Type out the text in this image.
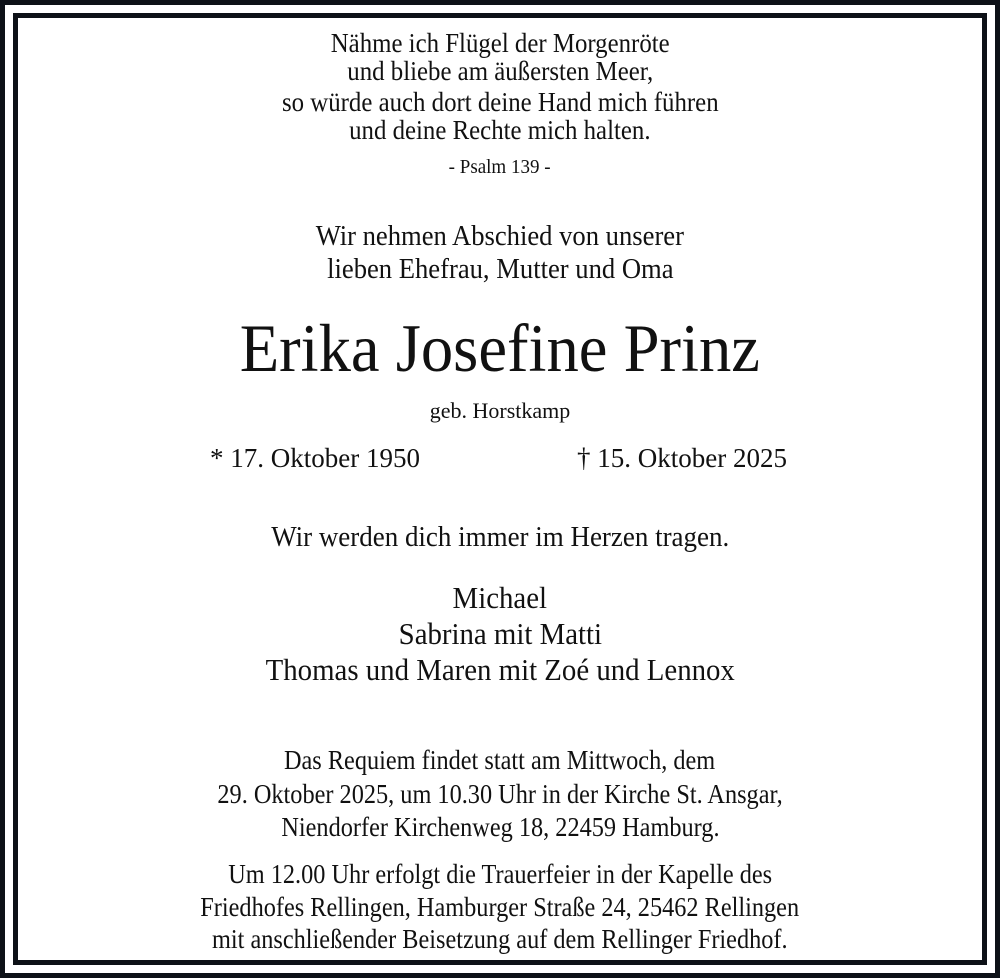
Nähme ich Flügel der Morgenröte
und bliebe am äußersten Meer,
so würde auch dort deine Hand mich führen
und deine Rechte mich halten.
- Psalm 139 -
Wir nehmen Abschied von unserer
lieben Ehefrau, Mutter und Oma
Erika Josefine Prinz
geb. Horstkamp
* 17. Oktober 1950	† 15. Oktober 2025
Wir werden dich immer im Herzen tragen.
Michael
Sabrina mit Matti
Thomas und Maren mit Zoé und Lennox
Das Requiem findet statt am Mittwoch, dem
29. Oktober 2025, um 10.30 Uhr in der Kirche St. Ansgar,
Niendorfer Kirchenweg 18, 22459 Hamburg.
Um 12.00 Uhr erfolgt die Trauerfeier in der Kapelle des
Friedhofes Rellingen, Hamburger Straße 24, 25462 Rellingen
mit anschließender Beisetzung auf dem Rellinger Friedhof.
